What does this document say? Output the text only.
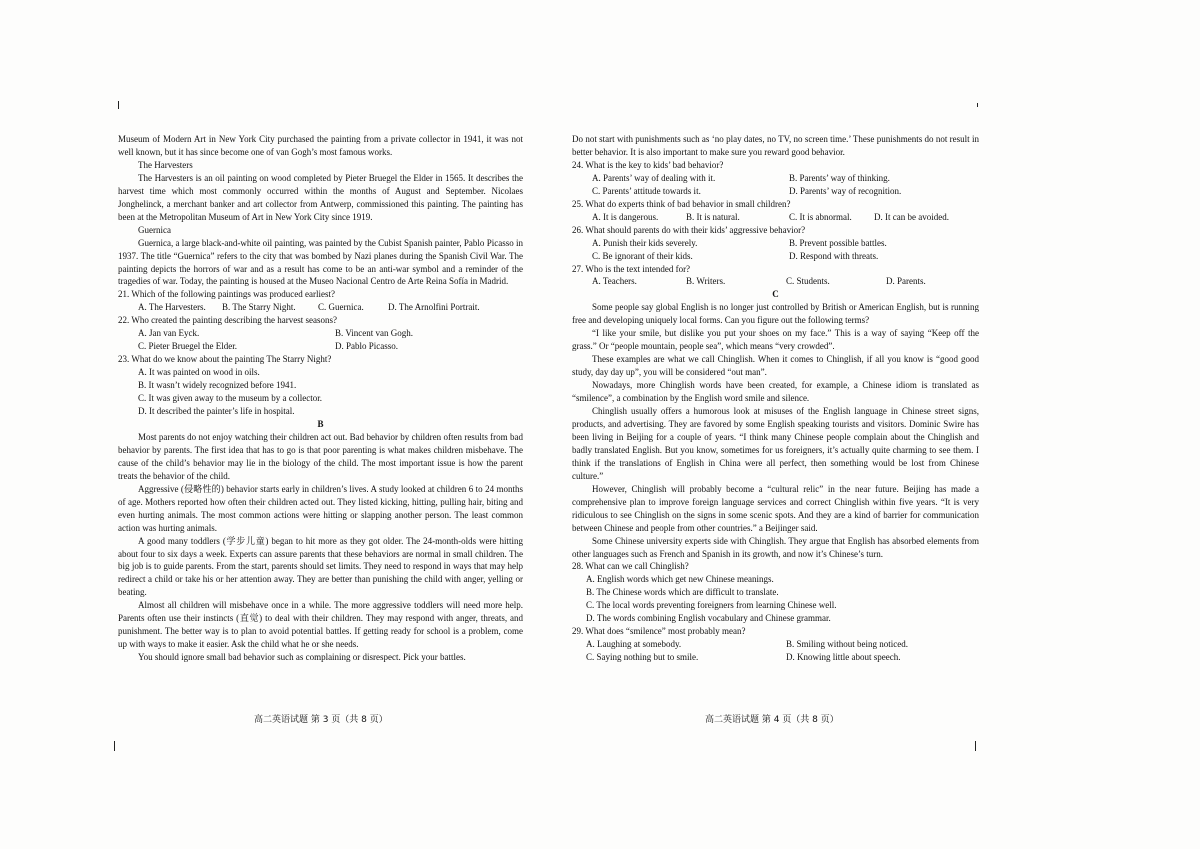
Museum of Modern Art in New York City purchased the painting from a private collector in 1941, it was not well known, but it has since become one of van Gogh’s most famous works.

The Harvesters

The Harvesters is an oil painting on wood completed by Pieter Bruegel the Elder in 1565. It describes the harvest time which most commonly occurred within the months of August and September. Nicolaes Jonghelinck, a merchant banker and art collector from Antwerp, commissioned this painting. The painting has been at the Metropolitan Museum of Art in New York City since 1919.

Guernica

Guernica, a large black-and-white oil painting, was painted by the Cubist Spanish painter, Pablo Picasso in 1937. The title “Guernica” refers to the city that was bombed by Nazi planes during the Spanish Civil War. The painting depicts the horrors of war and as a result has come to be an anti-war symbol and a reminder of the tragedies of war. Today, the painting is housed at the Museo Nacional Centro de Arte Reina Sofía in Madrid.

21. Which of the following paintings was produced earliest?

A. The Harvesters.	B. The Starry Night.	C. Guernica.	D. The Arnolfini Portrait.

22. Who created the painting describing the harvest seasons?

A. Jan van Eyck.	B. Vincent van Gogh.
C. Pieter Bruegel the Elder.	D. Pablo Picasso.

23. What do we know about the painting The Starry Night?

A. It was painted on wood in oils.

B. It wasn’t widely recognized before 1941.

C. It was given away to the museum by a collector.

D. It described the painter’s life in hospital.

B

Most parents do not enjoy watching their children act out. Bad behavior by children often results from bad behavior by parents. The first idea that has to go is that poor parenting is what makes children misbehave. The cause of the child’s behavior may lie in the biology of the child. The most important issue is how the parent treats the behavior of the child.

Aggressive (侵略性的) behavior starts early in children’s lives. A study looked at children 6 to 24 months of age. Mothers reported how often their children acted out. They listed kicking, hitting, pulling hair, biting and even hurting animals. The most common actions were hitting or slapping another person. The least common action was hurting animals.

A good many toddlers (学步儿童) began to hit more as they got older. The 24-month-olds were hitting about four to six days a week. Experts can assure parents that these behaviors are normal in small children. The big job is to guide parents. From the start, parents should set limits. They need to respond in ways that may help redirect a child or take his or her attention away. They are better than punishing the child with anger, yelling or beating.

Almost all children will misbehave once in a while. The more aggressive toddlers will need more help. Parents often use their instincts (直觉) to deal with their children. They may respond with anger, threats, and punishment. The better way is to plan to avoid potential battles. If getting ready for school is a problem, come up with ways to make it easier. Ask the child what he or she needs.

You should ignore small bad behavior such as complaining or disrespect. Pick your battles.

高二英语试题 第 3 页（共 8 页）

Do not start with punishments such as ‘no play dates, no TV, no screen time.’ These punishments do not result in better behavior. It is also important to make sure you reward good behavior.

24. What is the key to kids’ bad behavior?

A. Parents’ way of dealing with it.	B. Parents’ way of thinking.
C. Parents’ attitude towards it.	D. Parents’ way of recognition.

25. What do experts think of bad behavior in small children?

A. It is dangerous.	B. It is natural.	C. It is abnormal.	D. It can be avoided.

26. What should parents do with their kids’ aggressive behavior?

A. Punish their kids severely.	B. Prevent possible battles.
C. Be ignorant of their kids.	D. Respond with threats.

27. Who is the text intended for?

A. Teachers.	B. Writers.	C. Students.	D. Parents.

C

Some people say global English is no longer just controlled by British or American English, but is running free and developing uniquely local forms. Can you figure out the following terms?

“I like your smile, but dislike you put your shoes on my face.” This is a way of saying “Keep off the grass.” Or “people mountain, people sea”, which means “very crowded”.

These examples are what we call Chinglish. When it comes to Chinglish, if all you know is “good good study, day day up”, you will be considered “out man”.

Nowadays, more Chinglish words have been created, for example, a Chinese idiom is translated as “smilence”, a combination by the English word smile and silence.

Chinglish usually offers a humorous look at misuses of the English language in Chinese street signs, products, and advertising. They are favored by some English speaking tourists and visitors. Dominic Swire has been living in Beijing for a couple of years. “I think many Chinese people complain about the Chinglish and badly translated English. But you know, sometimes for us foreigners, it’s actually quite charming to see them. I think if the translations of English in China were all perfect, then something would be lost from Chinese culture.”

However, Chinglish will probably become a “cultural relic” in the near future. Beijing has made a comprehensive plan to improve foreign language services and correct Chinglish within five years. “It is very ridiculous to see Chinglish on the signs in some scenic spots. And they are a kind of barrier for communication between Chinese and people from other countries.” a Beijinger said.

Some Chinese university experts side with Chinglish. They argue that English has absorbed elements from other languages such as French and Spanish in its growth, and now it’s Chinese’s turn.

28. What can we call Chinglish?

A. English words which get new Chinese meanings.

B. The Chinese words which are difficult to translate.

C. The local words preventing foreigners from learning Chinese well.

D. The words combining English vocabulary and Chinese grammar.

29. What does “smilence” most probably mean?

A. Laughing at somebody.	B. Smiling without being noticed.
C. Saying nothing but to smile.	D. Knowing little about speech.
高二英语试题 第 4 页（共 8 页）
